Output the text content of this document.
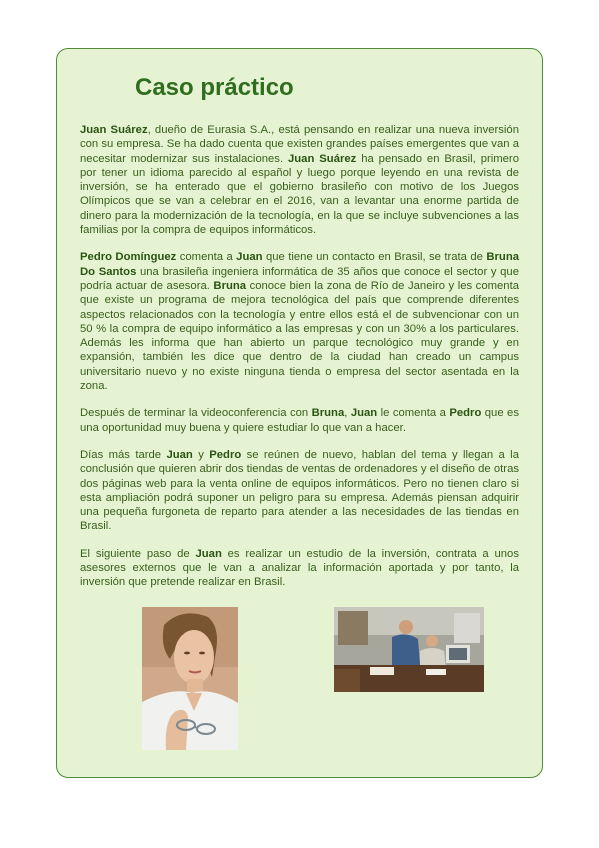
Caso práctico

Juan Suárez, dueño de Eurasia S.A., está pensando en realizar una nueva inversión con su empresa. Se ha dado cuenta que existen grandes países emergentes que van a necesitar modernizar sus instalaciones. Juan Suárez ha pensado en Brasil, primero por tener un idioma parecido al español y luego porque leyendo en una revista de inversión, se ha enterado que el gobierno brasileño con motivo de los Juegos Olímpicos que se van a celebrar en el 2016, van a levantar una enorme partida de dinero para la modernización de la tecnología, en la que se incluye subvenciones a las familias por la compra de equipos informáticos.

Pedro Domínguez comenta a Juan que tiene un contacto en Brasil, se trata de Bruna Do Santos una brasileña ingeniera informática de 35 años que conoce el sector y que podría actuar de asesora. Bruna conoce bien la zona de Río de Janeiro y les comenta que existe un programa de mejora tecnológica del país que comprende diferentes aspectos relacionados con la tecnología y entre ellos está el de subvencionar con un 50 % la compra de equipo informático a las empresas y con un 30% a los particulares. Además les informa que han abierto un parque tecnológico muy grande y en expansión, también les dice que dentro de la ciudad han creado un campus universitario nuevo y no existe ninguna tienda o empresa del sector asentada en la zona.

Después de terminar la videoconferencia con Bruna, Juan le comenta a Pedro que es una oportunidad muy buena y quiere estudiar lo que van a hacer.

Días más tarde Juan y Pedro se reúnen de nuevo, hablan del tema y llegan a la conclusión que quieren abrir dos tiendas de ventas de ordenadores y el diseño de otras dos páginas web para la venta online de equipos informáticos. Pero no tienen claro si esta ampliación podrá suponer un peligro para su empresa. Además piensan adquirir una pequeña furgoneta de reparto para atender a las necesidades de las tiendas en Brasil.

El siguiente paso de Juan es realizar un estudio de la inversión, contrata a unos asesores externos que le van a analizar la información aportada y por tanto, la inversión que pretende realizar en Brasil.
